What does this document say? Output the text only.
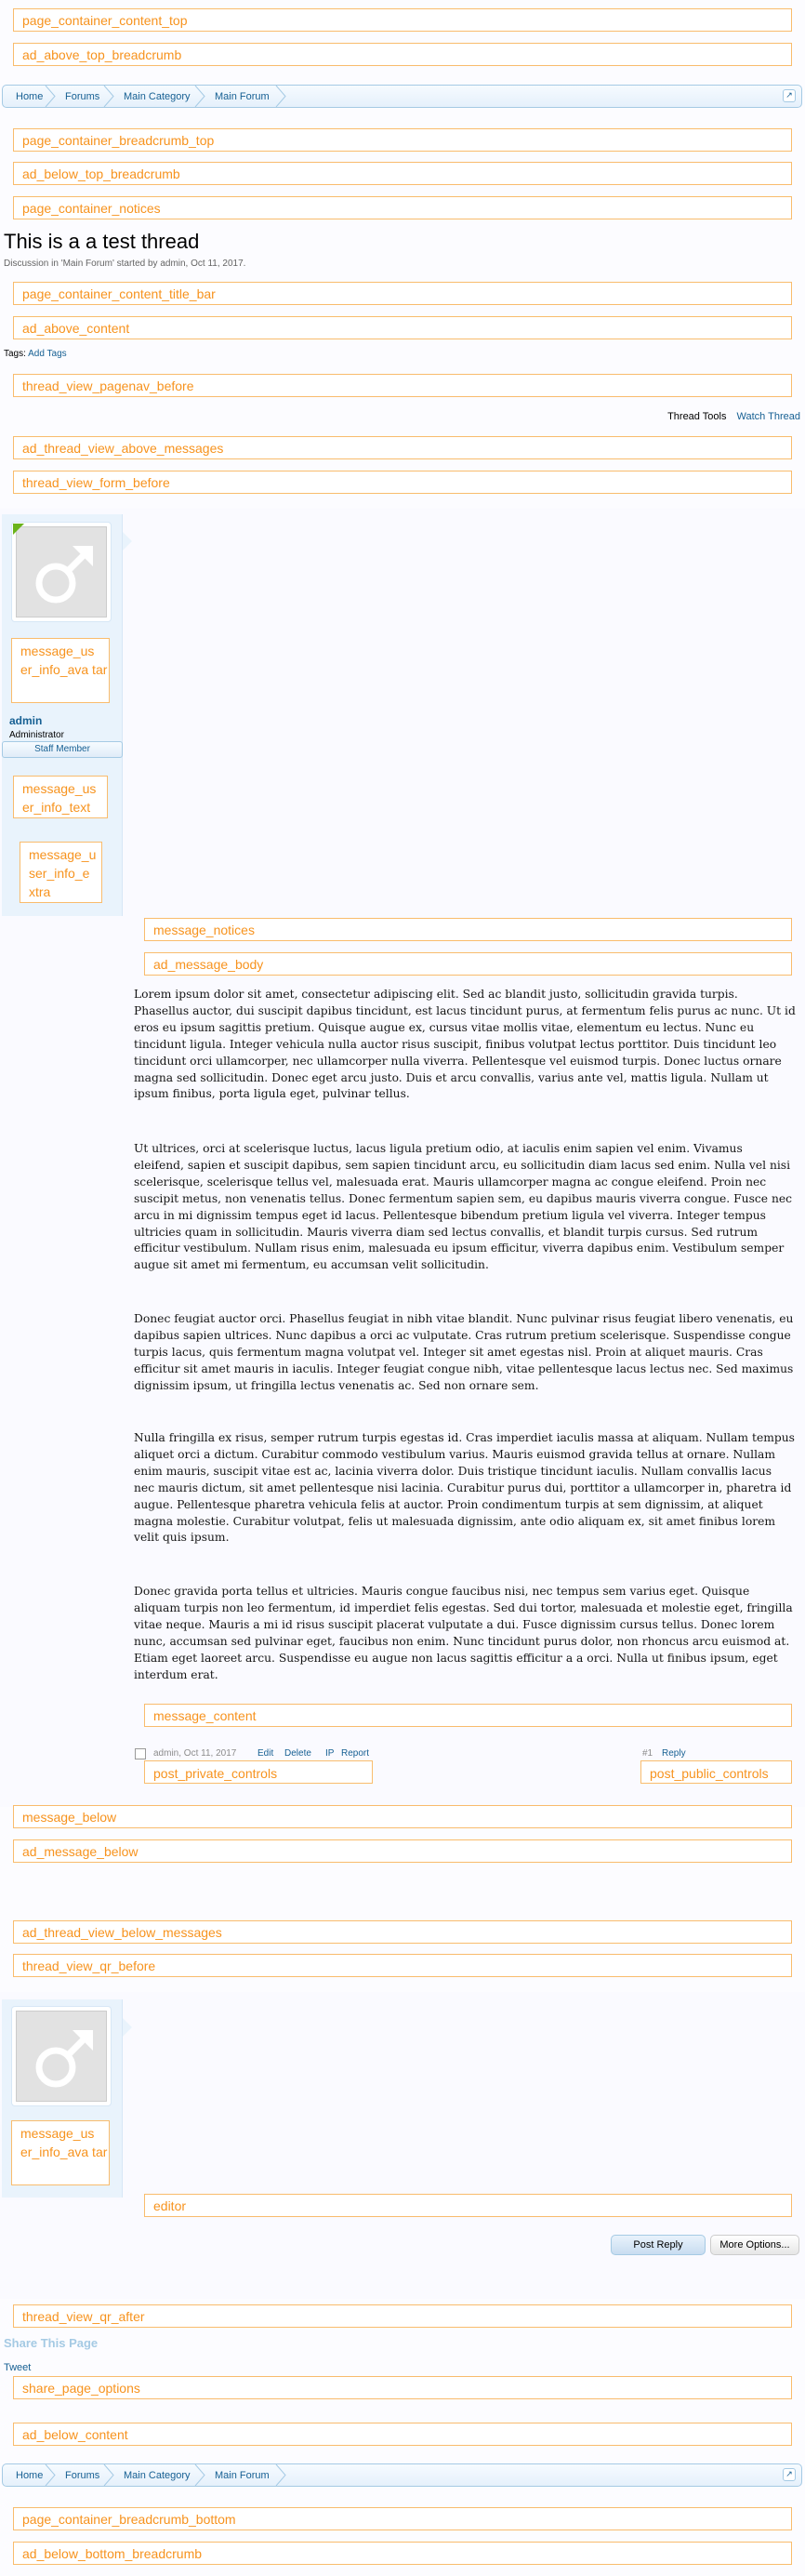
page_container_content_top
ad_above_top_breadcrumb
Home Forums Main Category Main Forum	↗
page_container_breadcrumb_top
ad_below_top_breadcrumb
page_container_notices
This is a a test thread
Discussion in 'Main Forum' started by admin, Oct 11, 2017.
page_container_content_title_bar
ad_above_content
Tags: Add Tags
thread_view_pagenav_before
Thread Tools Watch Thread
ad_thread_view_above_messages
thread_view_form_before
message_us er_info_ava tar
admin
Administrator
Staff Member
message_us er_info_text
message_u ser_info_e xtra
message_notices
ad_message_body
Lorem ipsum dolor sit amet, consectetur adipiscing elit. Sed ac blandit justo, sollicitudin gravida turpis. Phasellus auctor, dui suscipit dapibus tincidunt, est lacus tincidunt purus, at fermentum felis purus ac nunc. Ut id eros eu ipsum sagittis pretium. Quisque augue ex, cursus vitae mollis vitae, elementum eu lectus. Nunc eu tincidunt ligula. Integer vehicula nulla auctor risus suscipit, finibus volutpat lectus porttitor. Duis tincidunt leo tincidunt orci ullamcorper, nec ullamcorper nulla viverra. Pellentesque vel euismod turpis. Donec luctus ornare magna sed sollicitudin. Donec eget arcu justo. Duis et arcu convallis, varius ante vel, mattis ligula. Nullam ut ipsum finibus, porta ligula eget, pulvinar tellus.
Ut ultrices, orci at scelerisque luctus, lacus ligula pretium odio, at iaculis enim sapien vel enim. Vivamus eleifend, sapien et suscipit dapibus, sem sapien tincidunt arcu, eu sollicitudin diam lacus sed enim. Nulla vel nisi scelerisque, scelerisque tellus vel, malesuada erat. Mauris ullamcorper magna ac congue eleifend. Proin nec suscipit metus, non venenatis tellus. Donec fermentum sapien sem, eu dapibus mauris viverra congue. Fusce nec arcu in mi dignissim tempus eget id lacus. Pellentesque bibendum pretium ligula vel viverra. Integer tempus ultricies quam in sollicitudin. Mauris viverra diam sed lectus convallis, et blandit turpis cursus. Sed rutrum efficitur vestibulum. Nullam risus enim, malesuada eu ipsum efficitur, viverra dapibus enim. Vestibulum semper augue sit amet mi fermentum, eu accumsan velit sollicitudin.
Donec feugiat auctor orci. Phasellus feugiat in nibh vitae blandit. Nunc pulvinar risus feugiat libero venenatis, eu dapibus sapien ultrices. Nunc dapibus a orci ac vulputate. Cras rutrum pretium scelerisque. Suspendisse congue turpis lacus, quis fermentum magna volutpat vel. Integer sit amet egestas nisl. Proin at aliquet mauris. Cras efficitur sit amet mauris in iaculis. Integer feugiat congue nibh, vitae pellentesque lacus lectus nec. Sed maximus dignissim ipsum, ut fringilla lectus venenatis ac. Sed non ornare sem.
Nulla fringilla ex risus, semper rutrum turpis egestas id. Cras imperdiet iaculis massa at aliquam. Nullam tempus aliquet orci a dictum. Curabitur commodo vestibulum varius. Mauris euismod gravida tellus at ornare. Nullam enim mauris, suscipit vitae est ac, lacinia viverra dolor. Duis tristique tincidunt iaculis. Nullam convallis lacus nec mauris dictum, sit amet pellentesque nisi lacinia. Curabitur purus dui, porttitor a ullamcorper in, pharetra id augue. Pellentesque pharetra vehicula felis at auctor. Proin condimentum turpis at sem dignissim, at aliquet magna molestie. Curabitur volutpat, felis ut malesuada dignissim, ante odio aliquam ex, sit amet finibus lorem velit quis ipsum.
Donec gravida porta tellus et ultricies. Mauris congue faucibus nisi, nec tempus sem varius eget. Quisque aliquam turpis non leo fermentum, id imperdiet felis egestas. Sed dui tortor, malesuada et molestie eget, fringilla vitae neque. Mauris a mi id risus suscipit placerat vulputate a dui. Fusce dignissim cursus tellus. Donec lorem nunc, accumsan sed pulvinar eget, faucibus non enim. Nunc tincidunt purus dolor, non rhoncus arcu euismod at. Etiam eget laoreet arcu. Suspendisse eu augue non lacus sagittis efficitur a a orci. Nulla ut finibus ipsum, eget interdum erat.
message_content
admin, Oct 11, 2017 Edit Delete IP Report	#1 Reply
post_private_controls	post_public_controls
message_below
ad_message_below
ad_thread_view_below_messages
thread_view_qr_before
message_us er_info_ava tar
editor
Post Reply	More Options...
thread_view_qr_after
Share This Page
Tweet
share_page_options
ad_below_content
Home Forums Main Category Main Forum	↗
page_container_breadcrumb_bottom
ad_below_bottom_breadcrumb
